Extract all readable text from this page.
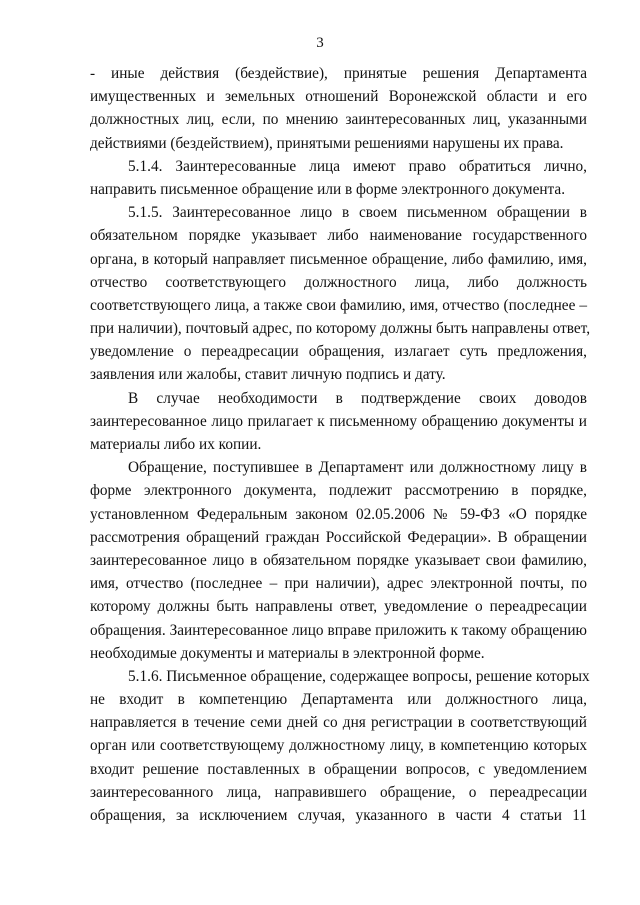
3
- иные действия (бездействие), принятые решения Департамента
имущественных и земельных отношений Воронежской области и его
должностных лиц, если, по мнению заинтересованных лиц, указанными
действиями (бездействием), принятыми решениями нарушены их права.
5.1.4. Заинтересованные лица имеют право обратиться лично,
направить письменное обращение или в форме электронного документа.
5.1.5. Заинтересованное лицо в своем письменном обращении в
обязательном порядке указывает либо наименование государственного
органа, в который направляет письменное обращение, либо фамилию, имя,
отчество соответствующего должностного лица, либо должность
соответствующего лица, а также свои фамилию, имя, отчество (последнее –
при наличии), почтовый адрес, по которому должны быть направлены ответ,
уведомление о переадресации обращения, излагает суть предложения,
заявления или жалобы, ставит личную подпись и дату.
В случае необходимости в подтверждение своих доводов
заинтересованное лицо прилагает к письменному обращению документы и
материалы либо их копии.
Обращение, поступившее в Департамент или должностному лицу в
форме электронного документа, подлежит рассмотрению в порядке,
установленном Федеральным законом 02.05.2006 № 59-ФЗ «О порядке
рассмотрения обращений граждан Российской Федерации». В обращении
заинтересованное лицо в обязательном порядке указывает свои фамилию,
имя, отчество (последнее – при наличии), адрес электронной почты, по
которому должны быть направлены ответ, уведомление о переадресации
обращения. Заинтересованное лицо вправе приложить к такому обращению
необходимые документы и материалы в электронной форме.
5.1.6. Письменное обращение, содержащее вопросы, решение которых
не входит в компетенцию Департамента или должностного лица,
направляется в течение семи дней со дня регистрации в соответствующий
орган или соответствующему должностному лицу, в компетенцию которых
входит решение поставленных в обращении вопросов, с уведомлением
заинтересованного лица, направившего обращение, о переадресации
обращения, за исключением случая, указанного в части 4 статьи 11
